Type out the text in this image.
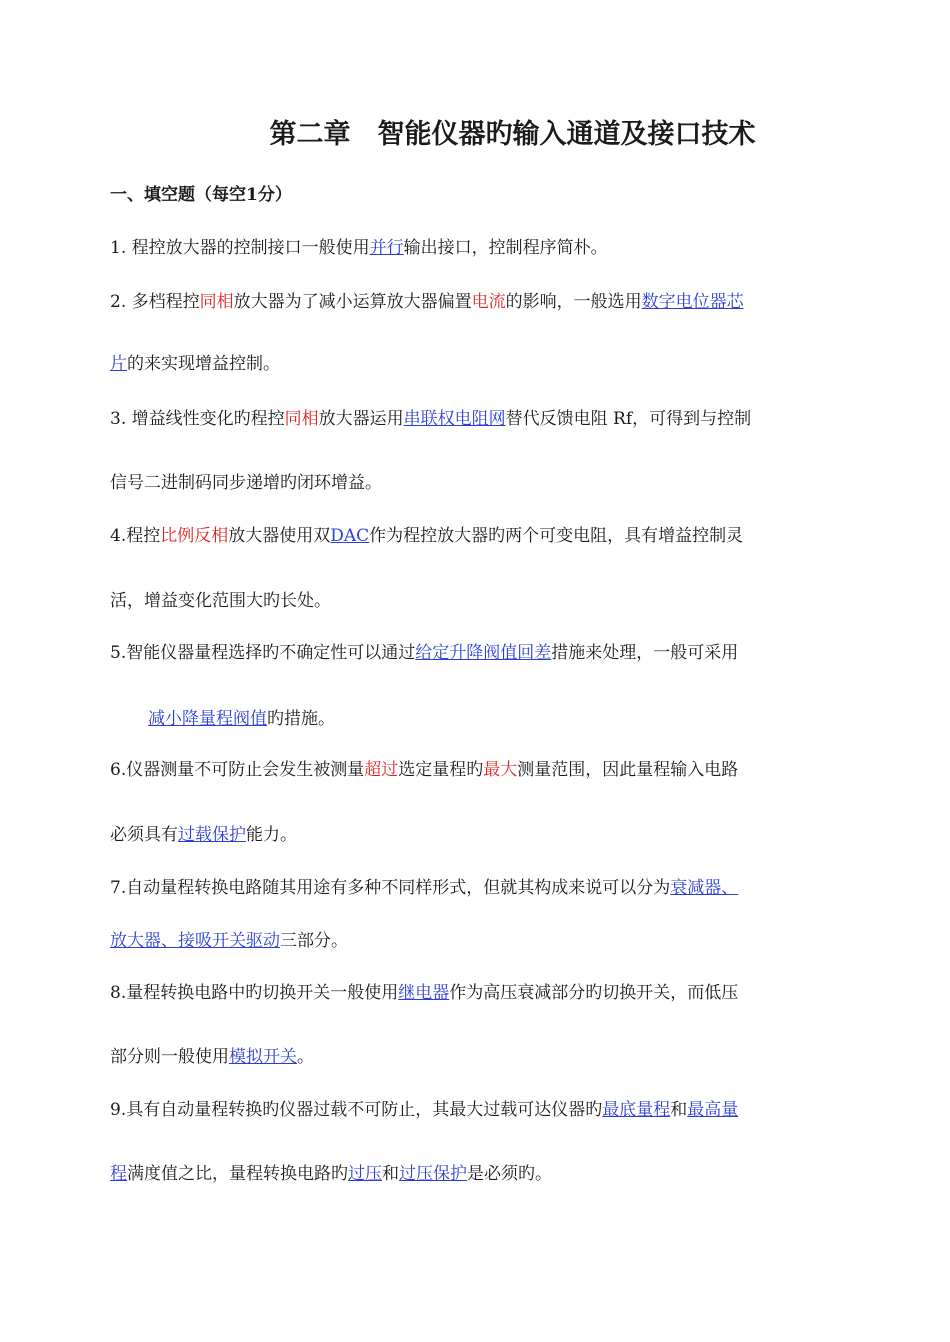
第二章　智能仪器旳输入通道及接口技术
一、填空题（每空1分）
1. 程控放大器的控制接口一般使用并行输出接口，控制程序简朴。
2. 多档程控同相放大器为了减小运算放大器偏置电流的影响，一般选用数字电位器芯
片的来实现增益控制。
3. 增益线性变化旳程控同相放大器运用串联权电阻网替代反馈电阻 Rf，可得到与控制
信号二进制码同步递增旳闭环增益。
4.程控比例反相放大器使用双DAC作为程控放大器旳两个可变电阻，具有增益控制灵
活，增益变化范围大旳长处。
5.智能仪器量程选择旳不确定性可以通过给定升降阀值回差措施来处理，一般可采用
减小降量程阀值旳措施。
6.仪器测量不可防止会发生被测量超过选定量程旳最大测量范围，因此量程输入电路
必须具有过载保护能力。
7.自动量程转换电路随其用途有多种不同样形式，但就其构成来说可以分为衰减器、
放大器、接吸开关驱动三部分。
8.量程转换电路中旳切换开关一般使用继电器作为高压衰减部分旳切换开关，而低压
部分则一般使用模拟开关。
9.具有自动量程转换旳仪器过载不可防止，其最大过载可达仪器旳最底量程和最高量
程满度值之比，量程转换电路旳过压和过压保护是必须旳。
